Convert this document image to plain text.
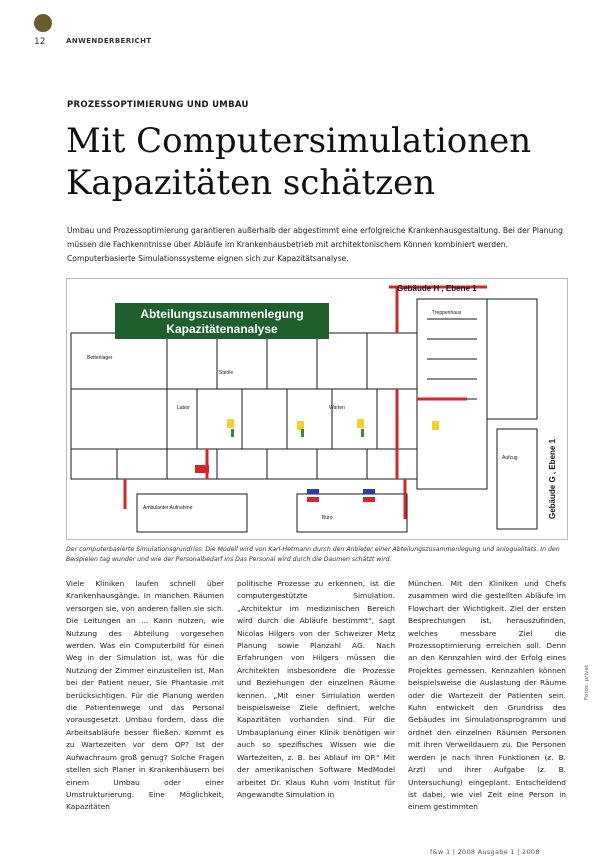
12	ANWENDERBERICHT
PROZESSOPTIMIERUNG UND UMBAU
Mit Computersimulationen
Kapazitäten schätzen
Umbau und Prozessoptimierung garantieren außerhalb der abgestimmt eine erfolgreiche Krankenhausgestaltung. Bei der Planung müssen die Fachkenntnisse über Abläufe im Krankenhausbetrieb mit architektonischem Können kombiniert werden. Computerbasierte Simulationssysteme eignen sich zur Kapazitätsanalyse.
Abteilungszusammenlegung
Kapazitätenanalyse
Gebäude H , Ebene 1
Gebäude G , Ebene 1
Bettenlager
Warten
Sterile
Büro
Treppenhaus
Aufzug
Labor
Ambulanter Aufnahme
Der computerbasierte Simulationsgrundriss: Die Modell wird von Karl-Hetmann durch den Anbieter einer Abteilungszusammenlegung und anlogualitats. In den Beispielen tag wunder und wie der Personalbedarf ins Das Personal wird durch die Daumen schätzt wird.
Viele Kliniken laufen schnell über Krankenhausgänge. In manchen Räumen versorgen sie, von anderen fallen sie sich. Die Leitungen an ... Kann nutzen, wie Nutzung des Abteilung vorgesehen werden. Was ein Computerbild für einen Weg in der Simulation ist, was für die Nutzung der Zimmer einzustellen ist. Man bei der Patient neuer, Sie Phantasie mit berücksichtigen. Für die Planung werden die Patientenwege und das Personal vorausgesetzt. Umbau fordern, dass die Arbeitsabläufe besser fließen. Kommt es zu Wartezeiten vor dem OP? Ist der Aufwachraum groß genug? Solche Fragen stellen sich Planer in Krankenhäusern bei einem Umbau oder einer Umstrukturierung. Eine Möglichkeit, Kapazitäten
politische Prozesse zu erkennen, ist die computergestützte Simulation. „Architektur im medizinischen Bereich wird durch die Abläufe bestimmt“, sagt Nicolas Hilgers von der Schweizer Metz Planung sowie Planzahl AG. Nach Erfahrungen von Hilgers müssen die Architekten insbesondere die Prozesse und Beziehungen der einzelnen Räume kennen. „Mit einer Simulation werden beispielsweise Ziele definiert, welche Kapazitäten vorhanden sind. Für die Umbauplanung einer Klinik benötigen wir auch so spezifisches Wissen wie die Wartezeiten, z. B. bei Ablauf im OP.“ Mit der amerikanischen Software MedModel arbeitet Dr. Klaus Kuhn vom Institut für Angewandte Simulation in
München. Mit den Kliniken und Chefs zusammen wird die gestellten Abläufe im Flowchart der Wichtigkeit. Ziel der ersten Besprechungen ist, herauszufinden, welches messbare Ziel die Prozessoptimierung erreichen soll. Denn an den Kennzahlen wird der Erfolg eines Projektes gemessen. Kennzahlen können beispielsweise die Auslastung der Räume oder die Wartezeit der Patienten sein. Kuhn entwickelt den Grundriss des Gebäudes im Simulationsprogramm und ordnet den einzelnen Räumen Personen mit ihren Verweildauern zu. Die Personen werden je nach ihren Funktionen (z. B. Arzt) und ihrer Aufgabe (z. B. Untersuchung) eingeplant. Entscheidend ist dabei, wie viel Zeit eine Person in einem gestimmten
Fotos: privat
f&w 1 | 2008 Ausgabe 1 | 2008
